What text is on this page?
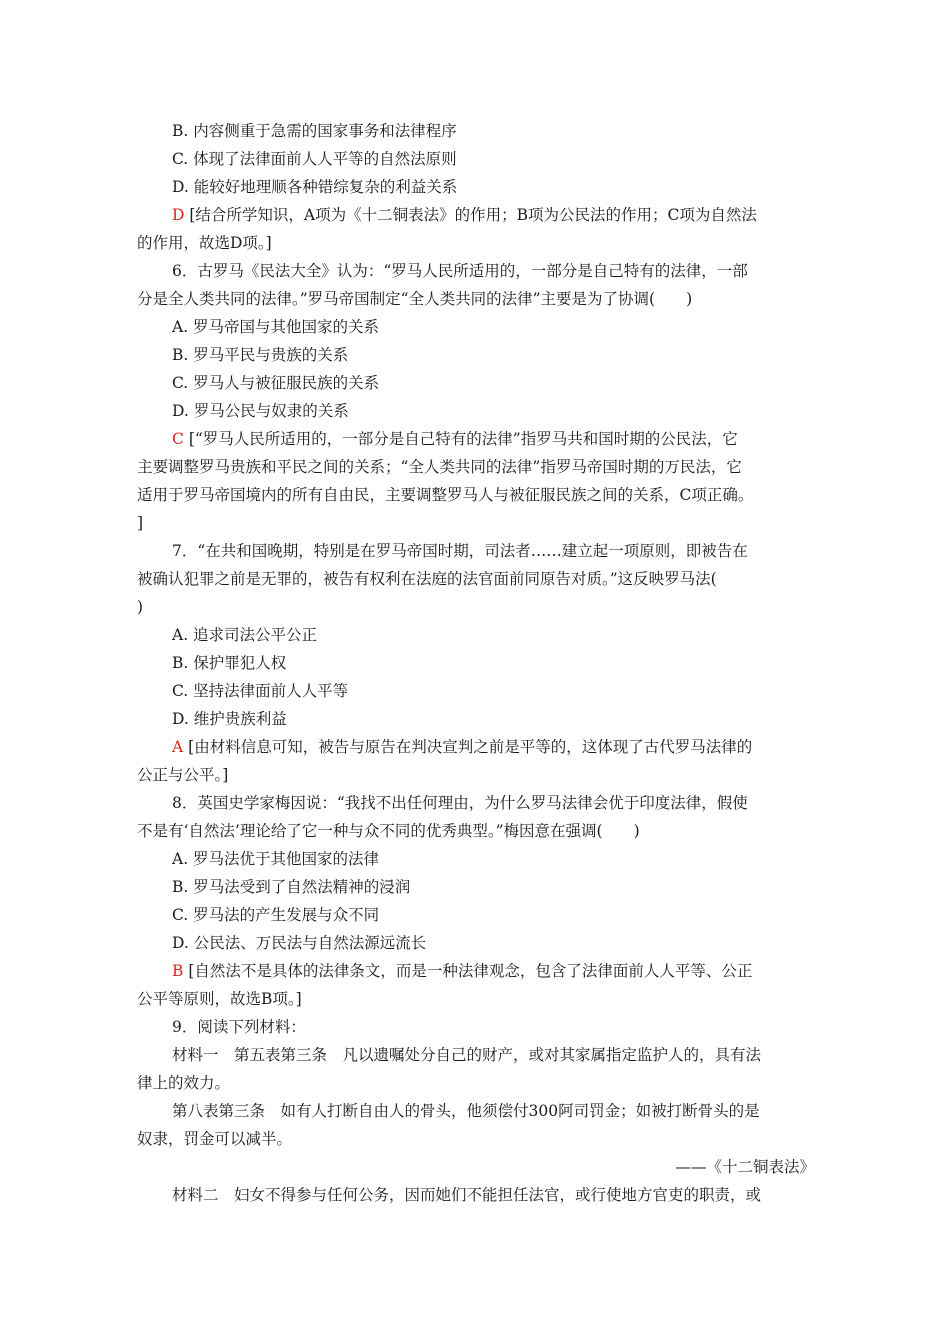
B. 内容侧重于急需的国家事务和法律程序
C. 体现了法律面前人人平等的自然法原则
D. 能较好地理顺各种错综复杂的利益关系
D [结合所学知识，A项为《十二铜表法》的作用；B项为公民法的作用；C项为自然法
的作用，故选D项。]
6．古罗马《民法大全》认为：“罗马人民所适用的，一部分是自己特有的法律，一部
分是全人类共同的法律。”罗马帝国制定“全人类共同的法律”主要是为了协调(　　)
A. 罗马帝国与其他国家的关系
B. 罗马平民与贵族的关系
C. 罗马人与被征服民族的关系
D. 罗马公民与奴隶的关系
C [“罗马人民所适用的，一部分是自己特有的法律”指罗马共和国时期的公民法，它
主要调整罗马贵族和平民之间的关系；“全人类共同的法律”指罗马帝国时期的万民法，它
适用于罗马帝国境内的所有自由民，主要调整罗马人与被征服民族之间的关系，C项正确。
]
7．“在共和国晚期，特别是在罗马帝国时期，司法者……建立起一项原则，即被告在
被确认犯罪之前是无罪的，被告有权利在法庭的法官面前同原告对质。”这反映罗马法(
)
A. 追求司法公平公正
B. 保护罪犯人权
C. 坚持法律面前人人平等
D. 维护贵族利益
A [由材料信息可知，被告与原告在判决宣判之前是平等的，这体现了古代罗马法律的
公正与公平。]
8．英国史学家梅因说：“我找不出任何理由，为什么罗马法律会优于印度法律，假使
不是有‘自然法’理论给了它一种与众不同的优秀典型。”梅因意在强调(　　)
A. 罗马法优于其他国家的法律
B. 罗马法受到了自然法精神的浸润
C. 罗马法的产生发展与众不同
D. 公民法、万民法与自然法源远流长
B [自然法不是具体的法律条文，而是一种法律观念，包含了法律面前人人平等、公正
公平等原则，故选B项。]
9．阅读下列材料：
材料一　第五表第三条　凡以遗嘱处分自己的财产，或对其家属指定监护人的，具有法
律上的效力。
第八表第三条　如有人打断自由人的骨头，他须偿付300阿司罚金；如被打断骨头的是
奴隶，罚金可以减半。
——《十二铜表法》
材料二　妇女不得参与任何公务，因而她们不能担任法官，或行使地方官吏的职责，或
